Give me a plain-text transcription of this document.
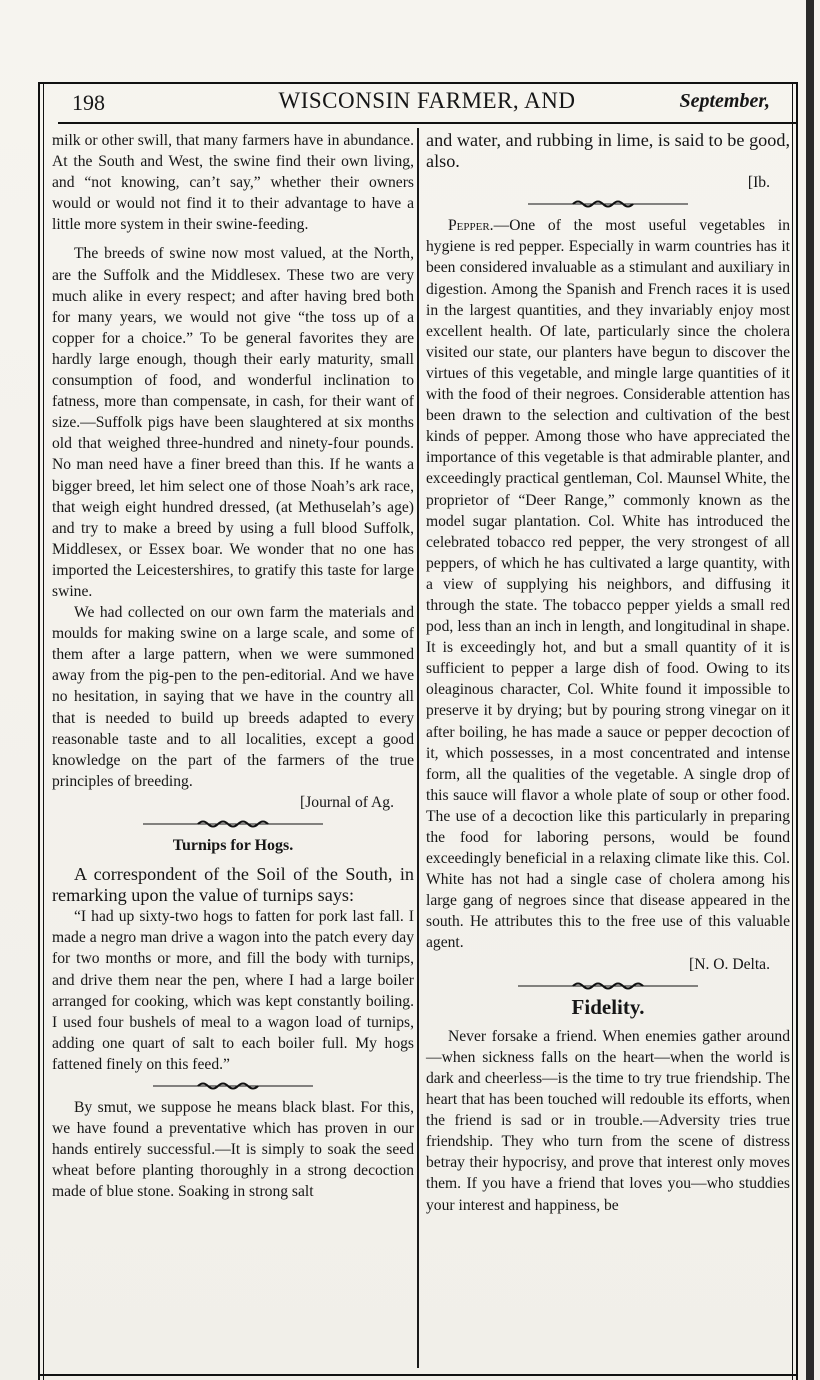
198	WISCONSIN FARMER, AND	September,

milk or other swill, that many farmers have in abundance. At the South and West, the swine find their own living, and “not knowing, can’t say,” whether their owners would or would not find it to their advantage to have a little more system in their swine-feeding.

The breeds of swine now most valued, at the North, are the Suffolk and the Middlesex. These two are very much alike in every respect; and after having bred both for many years, we would not give “the toss up of a copper for a choice.” To be general favorites they are hardly large enough, though their early maturity, small consumption of food, and wonderful inclination to fatness, more than compensate, in cash, for their want of size.—Suffolk pigs have been slaughtered at six months old that weighed three-hundred and ninety-four pounds. No man need have a finer breed than this. If he wants a bigger breed, let him select one of those Noah’s ark race, that weigh eight hundred dressed, (at Methuselah’s age) and try to make a breed by using a full blood Suffolk, Middlesex, or Essex boar. We wonder that no one has imported the Leicestershires, to gratify this taste for large swine.

We had collected on our own farm the materials and moulds for making swine on a large scale, and some of them after a large pattern, when we were summoned away from the pig-pen to the pen-editorial. And we have no hesitation, in saying that we have in the country all that is needed to build up breeds adapted to every reasonable taste and to all localities, except a good knowledge on the part of the farmers of the true principles of breeding.

[Journal of Ag.

Turnips for Hogs.

A correspondent of the Soil of the South, in remarking upon the value of turnips says:

“I had up sixty-two hogs to fatten for pork last fall. I made a negro man drive a wagon into the patch every day for two months or more, and fill the body with turnips, and drive them near the pen, where I had a large boiler arranged for cooking, which was kept constantly boiling. I used four bushels of meal to a wagon load of turnips, adding one quart of salt to each boiler full. My hogs fattened finely on this feed.”

By smut, we suppose he means black blast. For this, we have found a preventative which has proven in our hands entirely successful.—It is simply to soak the seed wheat before planting thoroughly in a strong decoction made of blue stone. Soaking in strong salt

and water, and rubbing in lime, is said to be good, also.

[Ib.

Pepper.—One of the most useful vegetables in hygiene is red pepper. Especially in warm countries has it been considered invaluable as a stimulant and auxiliary in digestion. Among the Spanish and French races it is used in the largest quantities, and they invariably enjoy most excellent health. Of late, particularly since the cholera visited our state, our planters have begun to discover the virtues of this vegetable, and mingle large quantities of it with the food of their negroes. Considerable attention has been drawn to the selection and cultivation of the best kinds of pepper. Among those who have appreciated the importance of this vegetable is that admirable planter, and exceedingly practical gentleman, Col. Maunsel White, the proprietor of “Deer Range,” commonly known as the model sugar plantation. Col. White has introduced the celebrated tobacco red pepper, the very strongest of all peppers, of which he has cultivated a large quantity, with a view of supplying his neighbors, and diffusing it through the state. The tobacco pepper yields a small red pod, less than an inch in length, and longitudinal in shape. It is exceedingly hot, and but a small quantity of it is sufficient to pepper a large dish of food. Owing to its oleaginous character, Col. White found it impossible to preserve it by drying; but by pouring strong vinegar on it after boiling, he has made a sauce or pepper decoction of it, which possesses, in a most concentrated and intense form, all the qualities of the vegetable. A single drop of this sauce will flavor a whole plate of soup or other food. The use of a decoction like this particularly in preparing the food for laboring persons, would be found exceedingly beneficial in a relaxing climate like this. Col. White has not had a single case of cholera among his large gang of negroes since that disease appeared in the south. He attributes this to the free use of this valuable agent.

[N. O. Delta.

Fidelity.

Never forsake a friend. When enemies gather around—when sickness falls on the heart—when the world is dark and cheerless—is the time to try true friendship. The heart that has been touched will redouble its efforts, when the friend is sad or in trouble.—Adversity tries true friendship. They who turn from the scene of distress betray their hypocrisy, and prove that interest only moves them. If you have a friend that loves you—who studdies your interest and happiness, be
